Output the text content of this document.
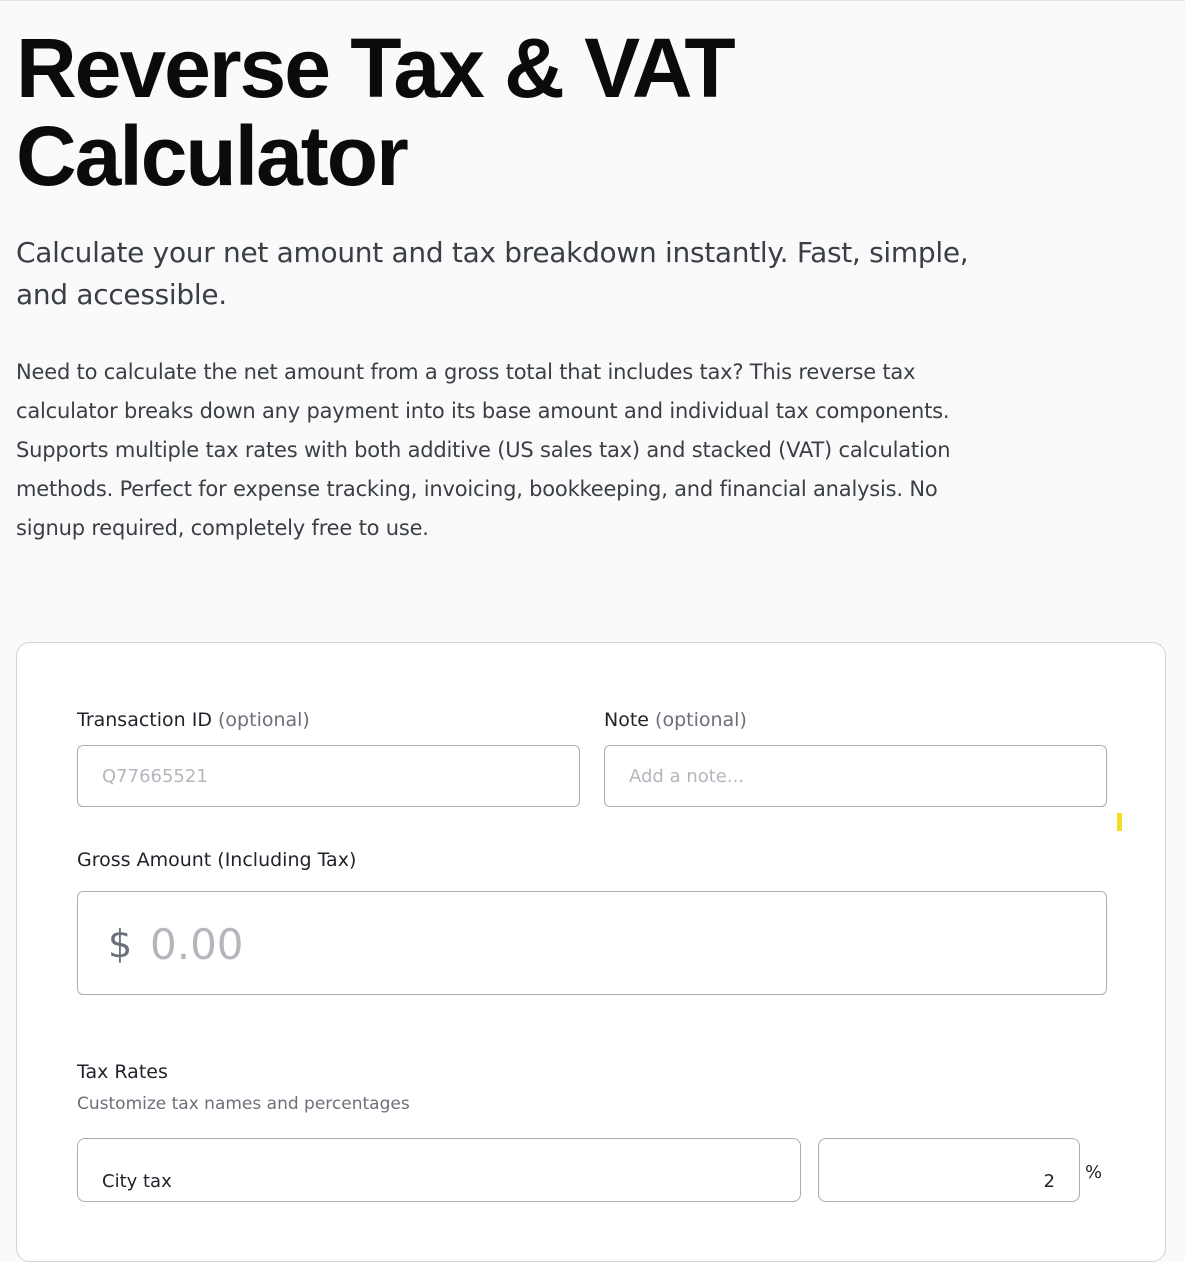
Reverse Tax & VAT Calculator

Calculate your net amount and tax breakdown instantly. Fast, simple, and accessible.

Need to calculate the net amount from a gross total that includes tax? This reverse tax calculator breaks down any payment into its base amount and individual tax components. Supports multiple tax rates with both additive (US sales tax) and stacked (VAT) calculation methods. Perfect for expense tracking, invoicing, bookkeeping, and financial analysis. No signup required, completely free to use.

Transaction ID (optional)
Q77665521	Note (optional)
Add a note...
Gross Amount (Including Tax)
$
0.00
Tax Rates

Customize tax names and percentages

City tax
2
%
